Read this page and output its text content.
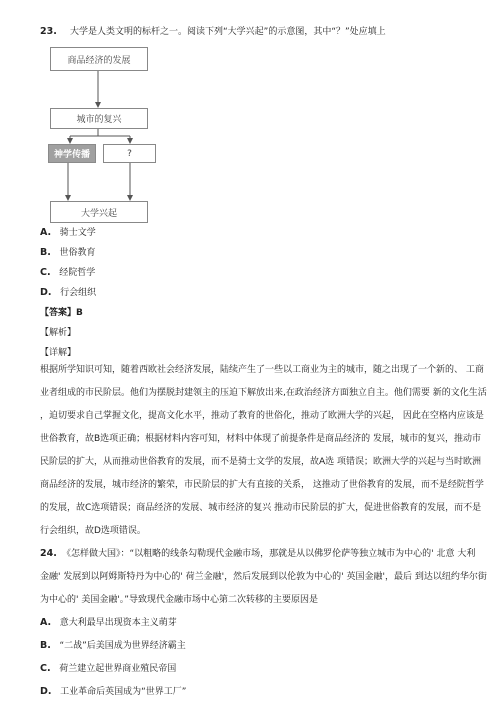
23. 大学是人类文明的标杆之一。阅读下列“大学兴起”的示意图，其中“？”处应填上
商品经济的发展
城市的复兴
神学传播	?
大学兴起
A. 骑士文学
B. 世俗教育
C. 经院哲学
D. 行会组织
【答案】B
【解析】
【详解】
根据所学知识可知，随着西欧社会经济发展，陆续产生了一些以工商业为主的城市，随之出现了一个新的、 工商
业者组成的市民阶层。他们为摆脱封建领主的压迫下解放出来,在政治经济方面独立自主。他们需要 新的文化生活
，迫切要求自己掌握文化，提高文化水平，推动了教育的世俗化，推动了欧洲大学的兴起， 因此在空格内应该是
世俗教育，故B选项正确；根据材料内容可知，材料中体现了前提条件是商品经济的 发展，城市的复兴，推动市
民阶层的扩大，从而推动世俗教育的发展，而不是骑士文学的发展，故A选 项错误；欧洲大学的兴起与当时欧洲
商品经济的发展，城市经济的繁荣，市民阶层的扩大有直接的关系， 这推动了世俗教育的发展，而不是经院哲学
的发展，故C选项错误；商品经济的发展、城市经济的复兴 推动市民阶层的扩大，促进世俗教育的发展，而不是
行会组织，故D选项错误。
24. 《怎样做大国》：“以粗略的线条勾勒现代金融市场，那就是从以佛罗伦萨等独立城市为中心的' 北意 大利
金融' 发展到以阿姆斯特丹为中心的' 荷兰金融'，然后发展到以伦敦为中心的' 英国金融'，最后 到达以纽约华尔街
为中心的' 美国金融'。”导致现代金融市场中心第二次转移的主要原因是
A. 意大利最早出现资本主义萌芽
B. “二战”后美国成为世界经济霸主
C. 荷兰建立起世界商业殖民帝国
D. 工业革命后英国成为“世界工厂”
